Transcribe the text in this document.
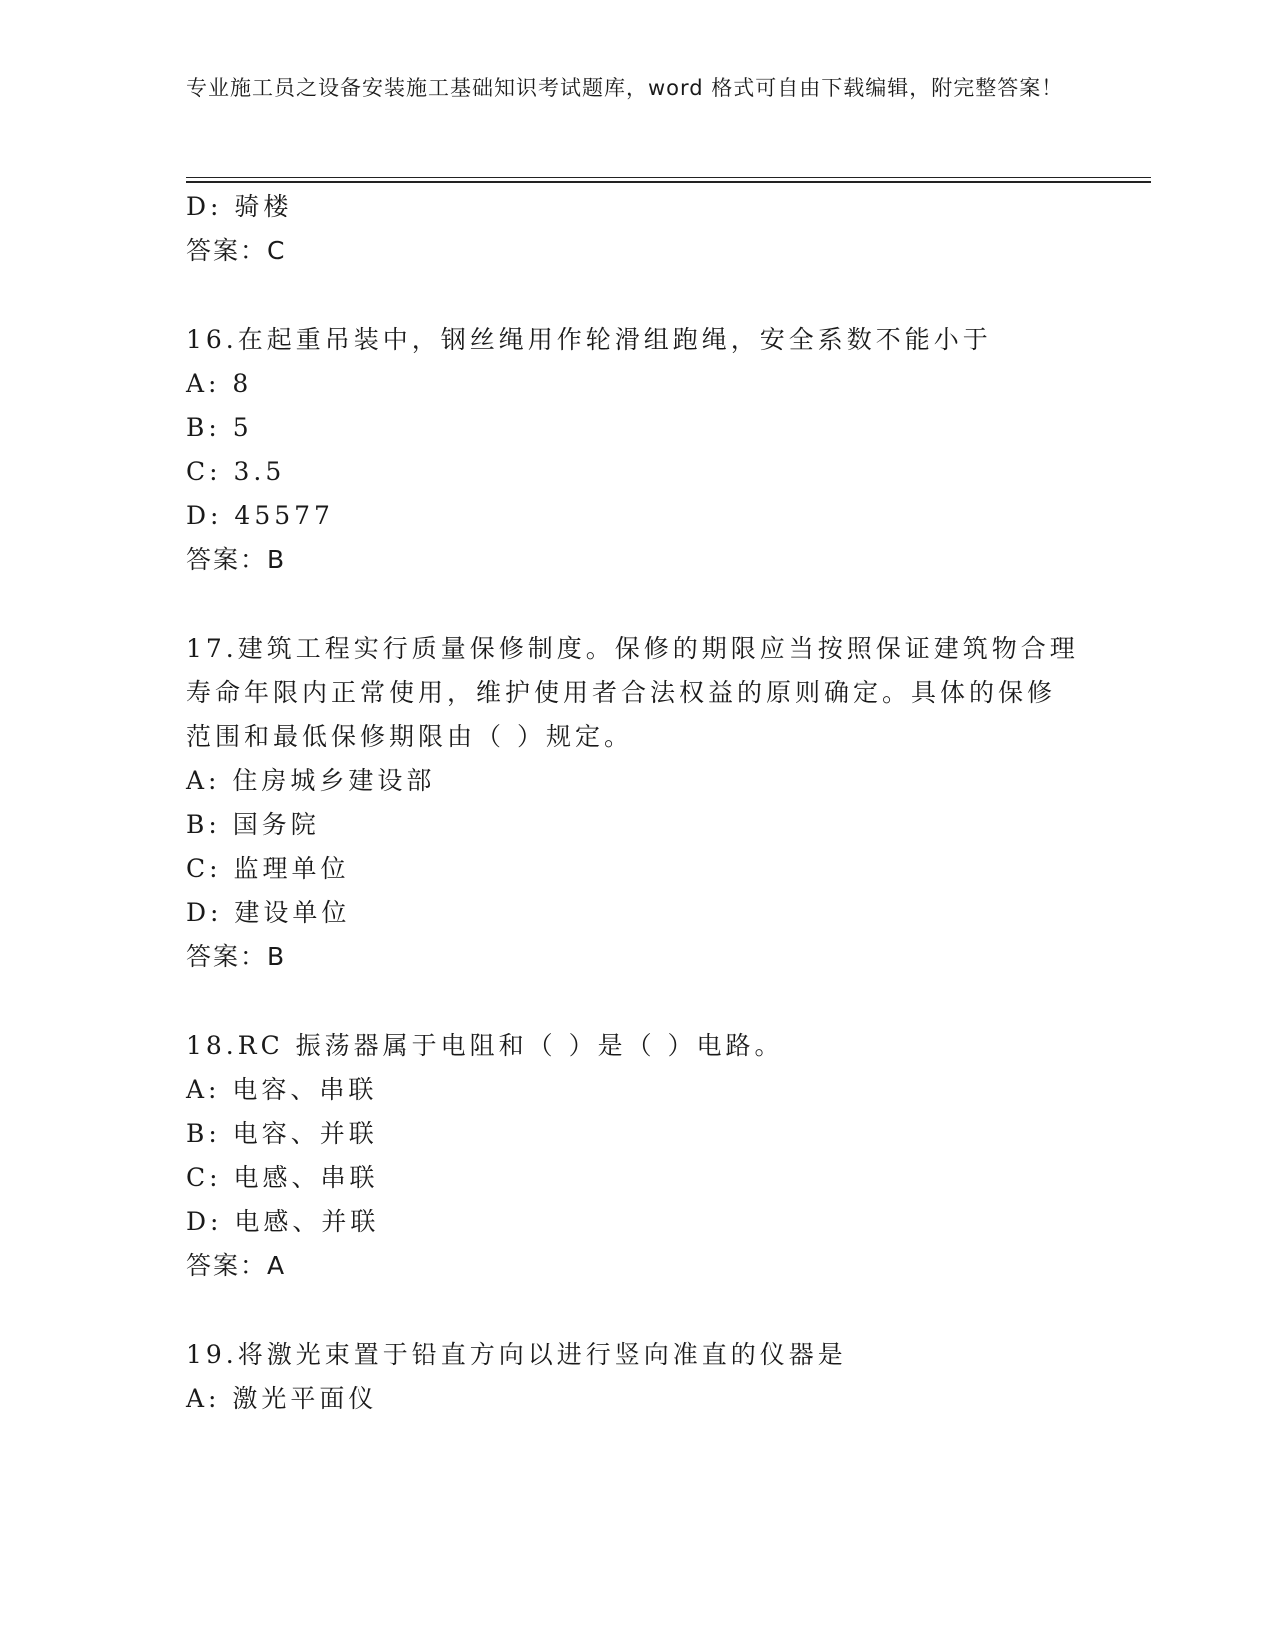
专业施工员之设备安装施工基础知识考试题库，word 格式可自由下载编辑，附完整答案！
D: 骑楼
答案：C
16.在起重吊装中，钢丝绳用作轮滑组跑绳，安全系数不能小于
A: 8
B: 5
C: 3.5
D: 45577
答案：B
17.建筑工程实行质量保修制度。保修的期限应当按照保证建筑物合理
寿命年限内正常使用，维护使用者合法权益的原则确定。具体的保修
范围和最低保修期限由（ ）规定。
A: 住房城乡建设部
B: 国务院
C: 监理单位
D: 建设单位
答案：B
18.RC 振荡器属于电阻和（ ）是（ ）电路。
A: 电容、串联
B: 电容、并联
C: 电感、串联
D: 电感、并联
答案：A
19.将激光束置于铅直方向以进行竖向准直的仪器是
A: 激光平面仪
